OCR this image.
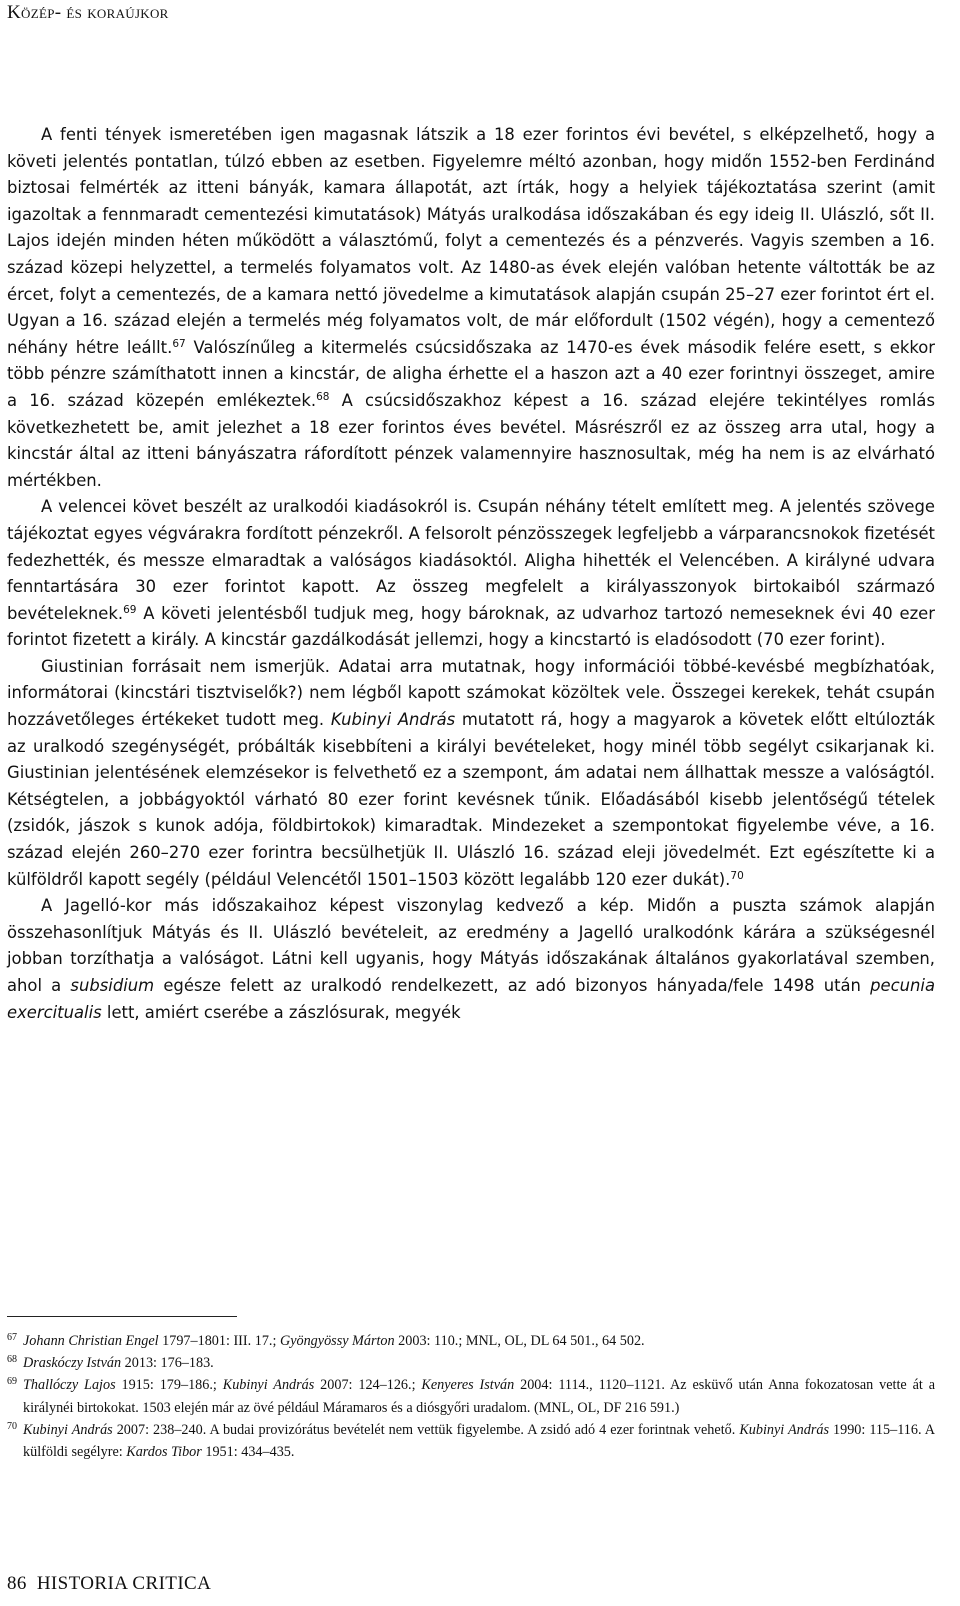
Közép- és koraújkor

A fenti tények ismeretében igen magasnak látszik a 18 ezer forintos évi bevétel, s elképzelhető, hogy a követi jelentés pontatlan, túlzó ebben az esetben. Figyelemre méltó azonban, hogy midőn 1552-ben Ferdinánd biztosai felmérték az itteni bányák, kamara állapotát, azt írták, hogy a helyiek tájékoztatása szerint (amit igazoltak a fennmaradt cementezési kimutatások) Mátyás uralkodása időszakában és egy ideig II. Ulászló, sőt II. Lajos idején minden héten működött a választómű, folyt a cementezés és a pénzverés. Vagyis szemben a 16. század közepi helyzettel, a termelés folyamatos volt. Az 1480-as évek elején valóban hetente váltották be az ércet, folyt a cementezés, de a kamara nettó jövedelme a kimutatások alapján csupán 25–27 ezer forintot ért el. Ugyan a 16. század elején a termelés még folyamatos volt, de már előfordult (1502 végén), hogy a cementező néhány hétre leállt.$^{67}$ Valószínűleg a kitermelés csúcsidőszaka az 1470-es évek második felére esett, s ekkor több pénzre számíthatott innen a kincstár, de aligha érhette el a haszon azt a 40 ezer forintnyi összeget, amire a 16. század közepén emlékeztek.$^{68}$ A csúcsidőszakhoz képest a 16. század elejére tekintélyes romlás következhetett be, amit jelezhet a 18 ezer forintos éves bevétel. Másrészről ez az összeg arra utal, hogy a kincstár által az itteni bányászatra ráfordított pénzek valamennyire hasznosultak, még ha nem is az elvárható mértékben.

A velencei követ beszélt az uralkodói kiadásokról is. Csupán néhány tételt említett meg. A jelentés szövege tájékoztat egyes végvárakra fordított pénzekről. A felsorolt pénzösszegek legfeljebb a várparancsnokok fizetését fedezhették, és messze elmaradtak a valóságos kiadásoktól. Aligha hihették el Velencében. A királyné udvara fenntartására 30 ezer forintot kapott. Az összeg megfelelt a királyasszonyok birtokaiból származó bevételeknek.$^{69}$ A követi jelentésből tudjuk meg, hogy bároknak, az udvarhoz tartozó nemeseknek évi 40 ezer forintot fizetett a király. A kincstár gazdálkodását jellemzi, hogy a kincstartó is eladósodott (70 ezer forint).

Giustinian forrásait nem ismerjük. Adatai arra mutatnak, hogy információi többé-kevésbé megbízhatóak, informátorai (kincstári tisztviselők?) nem légből kapott számokat közöltek vele. Összegei kerekek, tehát csupán hozzávetőleges értékeket tudott meg. Kubinyi András mutatott rá, hogy a magyarok a követek előtt eltúlozták az uralkodó szegénységét, próbálták kisebbíteni a királyi bevételeket, hogy minél több segélyt csikarjanak ki. Giustinian jelentésének elemzésekor is felvethető ez a szempont, ám adatai nem állhattak messze a valóságtól. Kétségtelen, a jobbágyoktól várható 80 ezer forint kevésnek tűnik. Előadásából kisebb jelentőségű tételek (zsidók, jászok s kunok adója, földbirtokok) kimaradtak. Mindezeket a szempontokat figyelembe véve, a 16. század elején 260–270 ezer forintra becsülhetjük II. Ulászló 16. század eleji jövedelmét. Ezt egészítette ki a külföldről kapott segély (például Velencétől 1501–1503 között legalább 120 ezer dukát).$^{70}$

A Jagelló-kor más időszakaihoz képest viszonylag kedvező a kép. Midőn a puszta számok alapján összehasonlítjuk Mátyás és II. Ulászló bevételeit, az eredmény a Jagelló uralkodónk kárára a szükségesnél jobban torzíthatja a valóságot. Látni kell ugyanis, hogy Mátyás időszakának általános gyakorlatával szemben, ahol a subsidium egésze felett az uralkodó rendelkezett, az adó bizonyos hányada/fele 1498 után pecunia exercitualis lett, amiért cserébe a zászlósurak, megyék

67 Johann Christian Engel 1797–1801: III. 17.; Gyöngyössy Márton 2003: 110.; MNL, OL, DL 64 501., 64 502.
68 Draskóczy István 2013: 176–183.
69 Thallóczy Lajos 1915: 179–186.; Kubinyi András 2007: 124–126.; Kenyeres István 2004: 1114., 1120–1121. Az esküvő után Anna fokozatosan vette át a királynéi birtokokat. 1503 elején már az övé például Máramaros és a diósgyőri uradalom. (MNL, OL, DF 216 591.)
70 Kubinyi András 2007: 238–240. A budai provizórátus bevételét nem vettük figyelembe. A zsidó adó 4 ezer forintnak vehető. Kubinyi András 1990: 115–116. A külföldi segélyre: Kardos Tibor 1951: 434–435.
86 HISTORIA CRITICA
